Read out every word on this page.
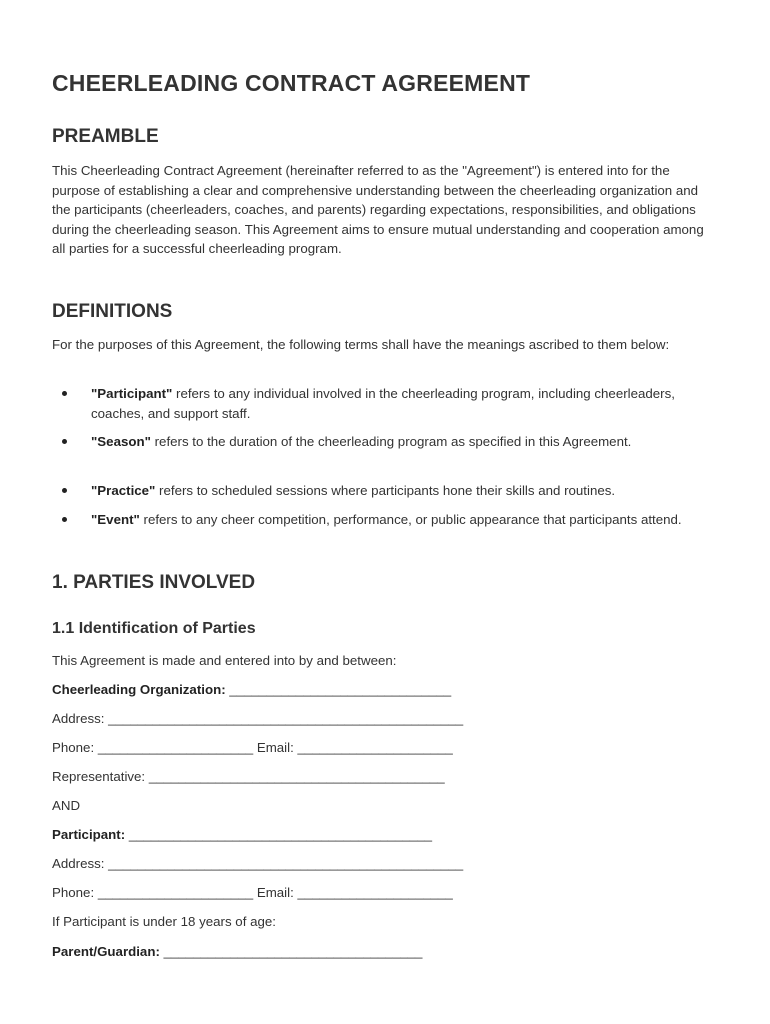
CHEERLEADING CONTRACT AGREEMENT
PREAMBLE

This Cheerleading Contract Agreement (hereinafter referred to as the "Agreement") is entered into for the purpose of establishing a clear and comprehensive understanding between the cheerleading organization and the participants (cheerleaders, coaches, and parents) regarding expectations, responsibilities, and obligations during the cheerleading season. This Agreement aims to ensure mutual understanding and cooperation among all parties for a successful cheerleading program.

DEFINITIONS

For the purposes of this Agreement, the following terms shall have the meanings ascribed to them below:

"Participant" refers to any individual involved in the cheerleading program, including cheerleaders, coaches, and support staff.
"Season" refers to the duration of the cheerleading program as specified in this Agreement.
"Practice" refers to scheduled sessions where participants hone their skills and routines.
"Event" refers to any cheer competition, performance, or public appearance that participants attend.
1. PARTIES INVOLVED
1.1 Identification of Parties

This Agreement is made and entered into by and between:

Cheerleading Organization: ______________________________

Address: ________________________________________________

Phone: _____________________ Email: _____________________

Representative: ________________________________________

AND

Participant: _________________________________________

Address: ________________________________________________

Phone: _____________________ Email: _____________________

If Participant is under 18 years of age:

Parent/Guardian: ___________________________________
